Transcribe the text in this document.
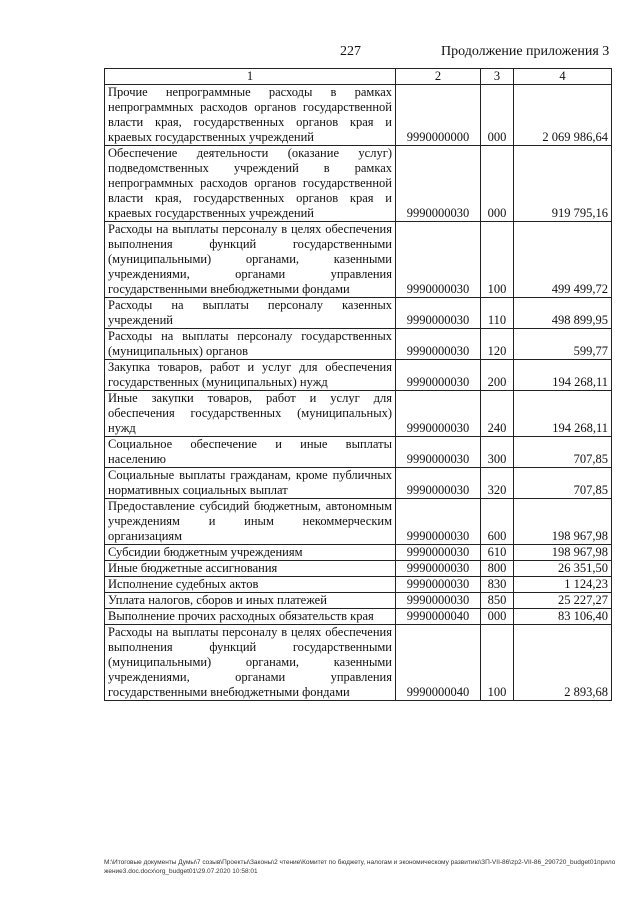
227	Продолжение приложения 3
1	2	3	4
Прочие непрограммные расходы в рамках непрограммных расходов органов государственной власти края, государственных органов края и краевых государственных учреждений	9990000000	000	2 069 986,64
Обеспечение деятельности (оказание услуг) подведомственных учреждений в рамках непрограммных расходов органов государственной власти края, государственных органов края и краевых государственных учреждений	9990000030	000	919 795,16
Расходы на выплаты персоналу в целях обеспечения выполнения функций государственными (муниципальными) органами, казенными учреждениями, органами управления государственными внебюджетными фондами	9990000030	100	499 499,72
Расходы на выплаты персоналу казенных учреждений	9990000030	110	498 899,95
Расходы на выплаты персоналу государственных (муниципальных) органов	9990000030	120	599,77
Закупка товаров, работ и услуг для обеспечения государственных (муниципальных) нужд	9990000030	200	194 268,11
Иные закупки товаров, работ и услуг для обеспечения государственных (муниципальных) нужд	9990000030	240	194 268,11
Социальное обеспечение и иные выплаты населению	9990000030	300	707,85
Социальные выплаты гражданам, кроме публичных нормативных социальных выплат	9990000030	320	707,85
Предоставление субсидий бюджетным, автономным учреждениям и иным некоммерческим организациям	9990000030	600	198 967,98
Субсидии бюджетным учреждениям	9990000030	610	198 967,98
Иные бюджетные ассигнования	9990000030	800	26 351,50
Исполнение судебных актов	9990000030	830	1 124,23
Уплата налогов, сборов и иных платежей	9990000030	850	25 227,27
Выполнение прочих расходных обязательств края	9990000040	000	83 106,40
Расходы на выплаты персоналу в целях обеспечения выполнения функций государственными (муниципальными) органами, казенными учреждениями, органами управления государственными внебюджетными фондами	9990000040	100	2 893,68
M:\Итоговые документы Думы\7 созыв\Проекты\Законы\2 чтение\Комитет по бюджету, налогам и экономическому развитию\ЗП-VII-86\zp2-VII-86_290720_budget01приложение3.doc.docx\org_budget01\29.07.2020 10:58:01
